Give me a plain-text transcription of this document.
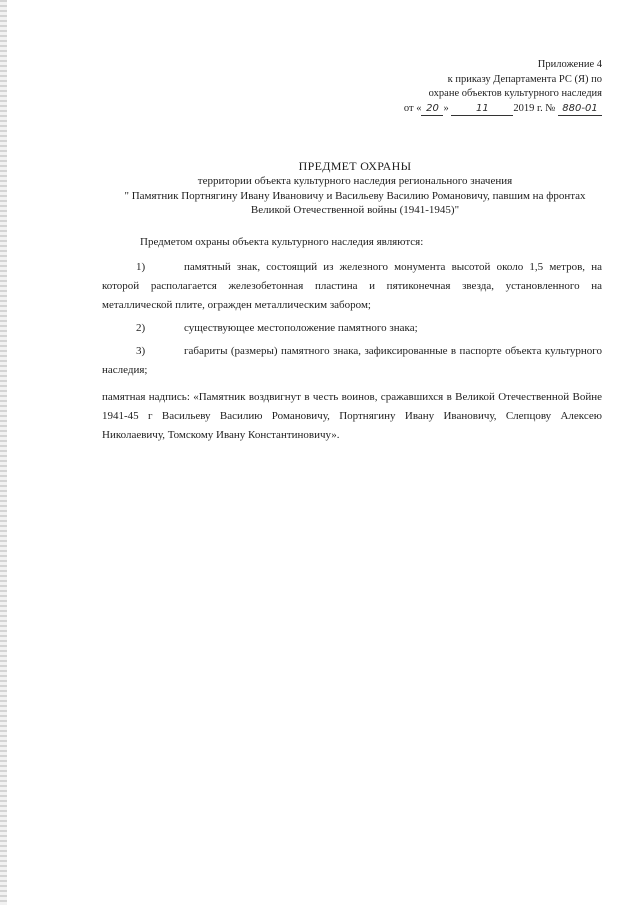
Приложение 4
к приказу Департамента РС (Я) по
охране объектов культурного наследия
от « 20 »	11 2019 г. № 880-01
ПРЕДМЕТ ОХРАНЫ
территории объекта культурного наследия регионального значения
" Памятник Портнягину Ивану Ивановичу и Васильеву Василию Романовичу, павшим на фронтах
Великой Отечественной войны (1941-1945)"
Предметом охраны объекта культурного наследия являются:
1)	памятный знак, состоящий из железного монумента высотой около 1,5 метров, на которой располагается железобетонная пластина и пятиконечная звезда, установленного на металлической плите, огражден металлическим забором;
2)	существующее местоположение памятного знака;
3)	габариты (размеры) памятного знака, зафиксированные в паспорте объекта культурного наследия;
памятная надпись: «Памятник воздвигнут в честь воинов, сражавшихся в Великой Отечественной Войне 1941-45 г Васильеву Василию Романовичу, Портнягину Ивану Ивановичу, Слепцову Алексею Николаевичу, Томскому Ивану Константиновичу».
